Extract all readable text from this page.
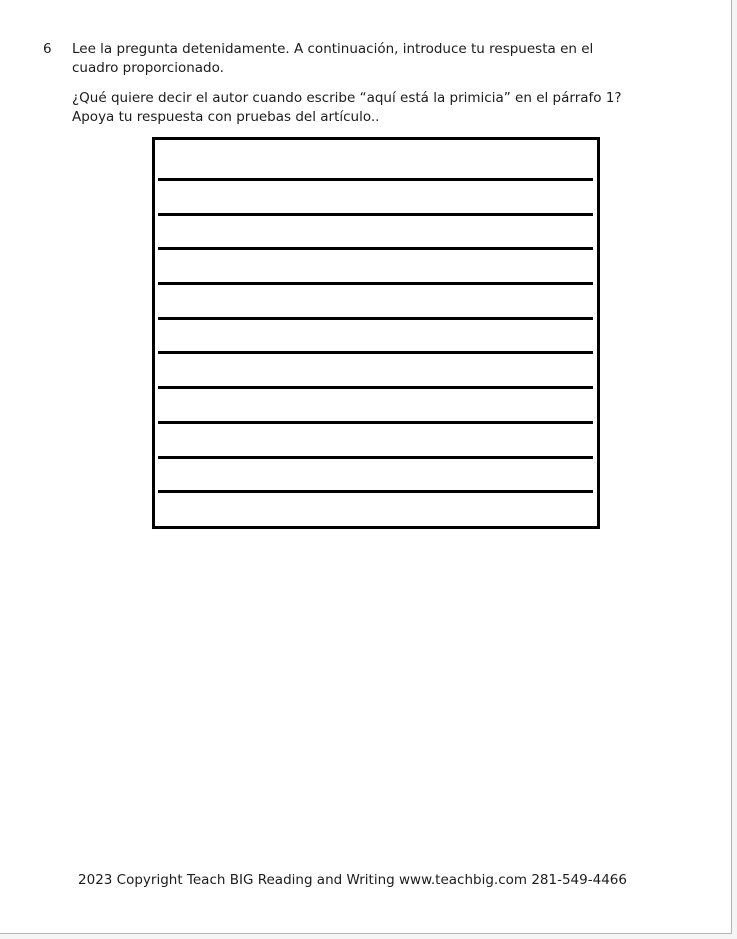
6	Lee la pregunta detenidamente. A continuación, introduce tu respuesta en el
cuadro proporcionado.
¿Qué quiere decir el autor cuando escribe “aquí está la primicia” en el párrafo 1?
Apoya tu respuesta con pruebas del artículo..
2023 Copyright Teach BIG Reading and Writing www.teachbig.com 281-549-4466
